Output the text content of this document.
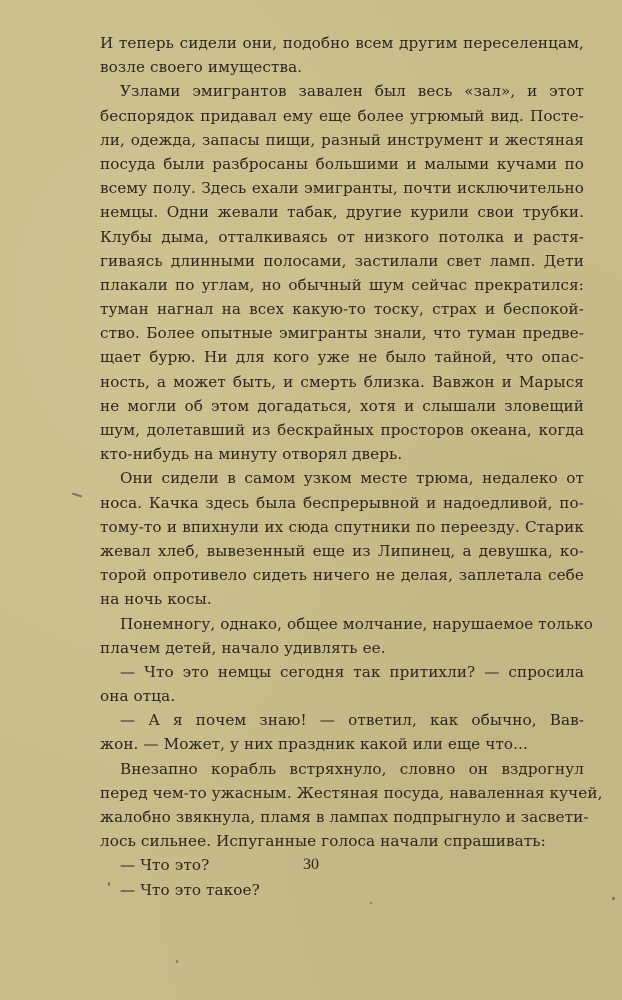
И теперь сидели они, подобно всем другим переселенцам,
возле своего имущества.
Узлами эмигрантов завален был весь «зал», и этот
беспорядок придавал ему еще более угрюмый вид. Посте-
ли, одежда, запасы пищи, разный инструмент и жестяная
посуда были разбросаны большими и малыми кучами по
всему полу. Здесь ехали эмигранты, почти исключительно
немцы. Одни жевали табак, другие курили свои трубки.
Клубы дыма, отталкиваясь от низкого потолка и растя-
гиваясь длинными полосами, застилали свет ламп. Дети
плакали по углам, но обычный шум сейчас прекратился:
туман нагнал на всех какую-то тоску, страх и беспокой-
ство. Более опытные эмигранты знали, что туман предве-
щает бурю. Ни для кого уже не было тайной, что опас-
ность, а может быть, и смерть близка. Вавжон и Марыся
не могли об этом догадаться, хотя и слышали зловещий
шум, долетавший из бескрайных просторов океана, когда
кто-нибудь на минуту отворял дверь.
Они сидели в самом узком месте трюма, недалеко от
носа. Качка здесь была беспрерывной и надоедливой, по-
тому-то и впихнули их сюда спутники по переезду. Старик
жевал хлеб, вывезенный еще из Липинец, а девушка, ко-
торой опротивело сидеть ничего не делая, заплетала себе
на ночь косы.
Понемногу, однако, общее молчание, нарушаемое только
плачем детей, начало удивлять ее.
— Что это немцы сегодня так притихли? — спросила
она отца.
— А я почем знаю! — ответил, как обычно, Вав-
жон. — Может, у них праздник какой или еще что...
Внезапно корабль встряхнуло, словно он вздрогнул
перед чем-то ужасным. Жестяная посуда, наваленная кучей,
жалобно звякнула, пламя в лампах подпрыгнуло и засвети-
лось сильнее. Испуганные голоса начали спрашивать:
— Что это?
— Что это такое?
30
